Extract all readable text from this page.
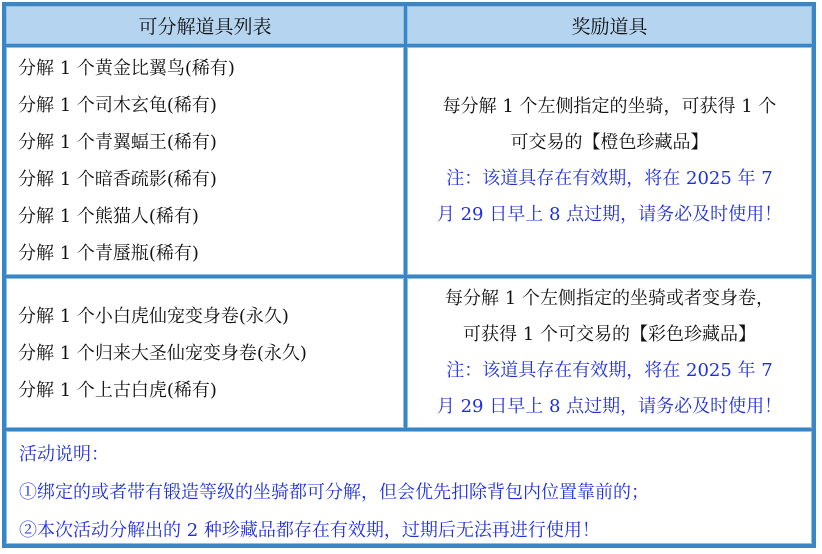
可分解道具列表	奖励道具
分解 1 个黄金比翼鸟(稀有)
分解 1 个司木玄龟(稀有)
分解 1 个青翼蝠王(稀有)
分解 1 个暗香疏影(稀有)
分解 1 个熊猫人(稀有)
分解 1 个青蜃瓶(稀有)
每分解 1 个左侧指定的坐骑，可获得 1 个
可交易的【橙色珍藏品】
注：该道具存在有效期，将在 2025 年 7
月 29 日早上 8 点过期，请务必及时使用！
分解 1 个小白虎仙宠变身卷(永久)
分解 1 个归来大圣仙宠变身卷(永久)
分解 1 个上古白虎(稀有)
每分解 1 个左侧指定的坐骑或者变身卷，
可获得 1 个可交易的【彩色珍藏品】
注：该道具存在有效期，将在 2025 年 7
月 29 日早上 8 点过期，请务必及时使用！
活动说明：
①绑定的或者带有锻造等级的坐骑都可分解，但会优先扣除背包内位置靠前的；
②本次活动分解出的 2 种珍藏品都存在有效期，过期后无法再进行使用！
